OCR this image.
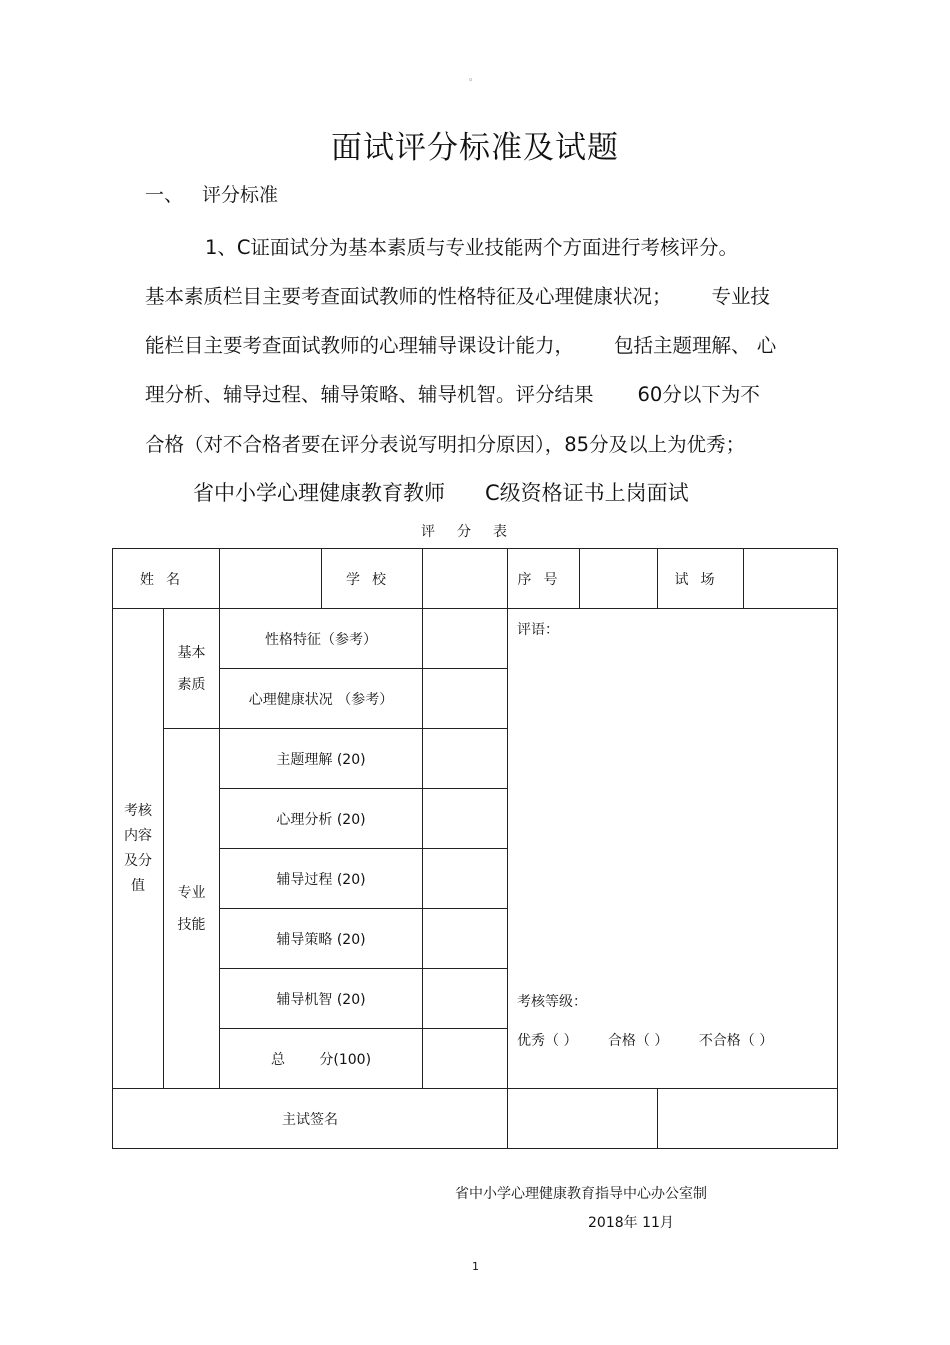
。
面试评分标准及试题
一、 评分标准
1、C证面试分为基本素质与专业技能两个方面进行考核评分。
基本素质栏目主要考查面试教师的性格特征及心理健康状况； 专业技
能栏目主要考查面试教师的心理辅导课设计能力， 包括主题理解、 心
理分析、辅导过程、辅导策略、辅导机智。评分结果 60分以下为不
合格（对不合格者要在评分表说写明扣分原因），85分及以上为优秀；
省中小学心理健康教育教师 C级资格证书上岗面试
评分表
姓名			学校		序号		试场	

考核内容及分值	基本素质	性格特征（参考）			评语：
考核等级：
优秀（ ） 合格（ ） 不合格（ ）			

		心理健康状况 （参考）						

	专业技能	主题理解 (20)						
		心理分析 (20)						
		辅导过程 (20)						
		辅导策略 (20)						
		辅导机智 (20)						
		总 分(100)						
主试签名								
省中小学心理健康教育指导中心办公室制
2018年 11月
1
